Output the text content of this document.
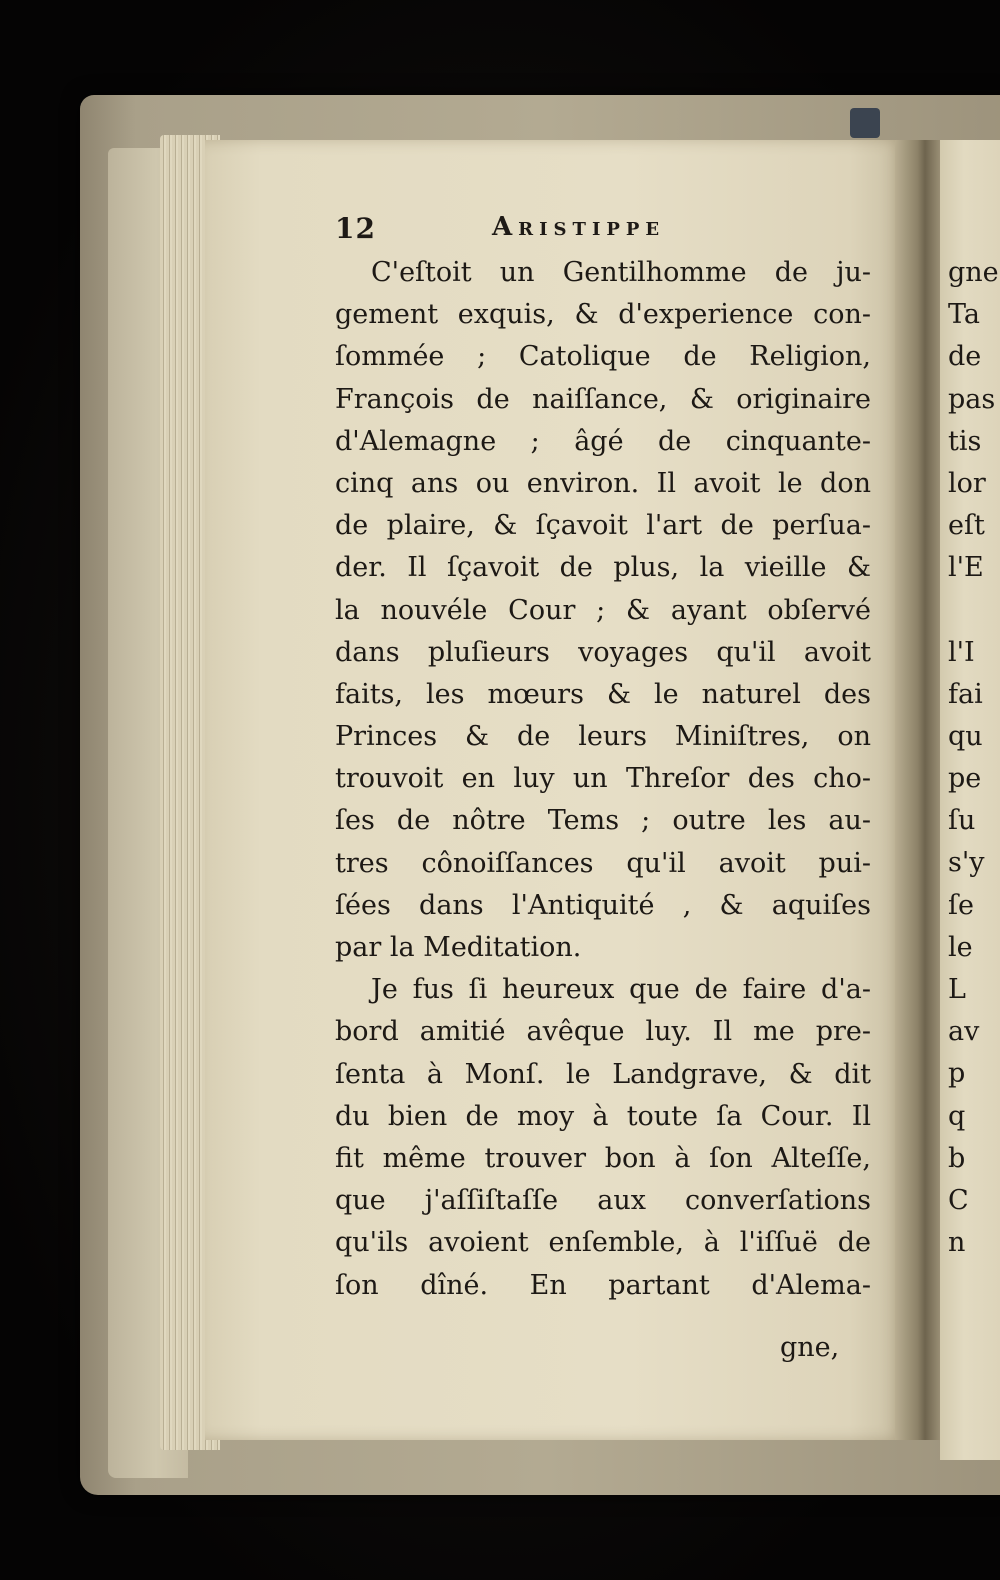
12	Aristippe
C'eſtoit un Gentilhomme de ju-
gement exquis, & d'experience con-
ſommée ; Catolique de Religion,
François de naiſſance, & originaire
d'Alemagne ; âgé de cinquante-
cinq ans ou environ. Il avoit le don
de plaire, & ſçavoit l'art de perſua-
der. Il ſçavoit de plus, la vieille &
la nouvéle Cour ; & ayant obſervé
dans pluſieurs voyages qu'il avoit
faits, les mœurs & le naturel des
Princes & de leurs Miniſtres, on
trouvoit en luy un Threſor des cho-
ſes de nôtre Tems ; outre les au-
tres cônoiſſances qu'il avoit pui-
ſées dans l'Antiquité , & aquiſes
par la Meditation.
Je fus ſi heureux que de faire d'a-
bord amitié avêque luy. Il me pre-
ſenta à Monſ. le Landgrave, & dit
du bien de moy à toute ſa Cour. Il
fit même trouver bon à ſon Alteſſe,
que j'aſſiſtaſſe aux converſations
qu'ils avoient enſemble, à l'iſſuë de
ſon dîné. En partant d'Alema-
gne,
gne
Ta
de
pas
tis
lor
eſt
l'E
l'I
fai
qu
pe
ſu
s'y
ſe
le
L
av
p
q
b
C
n
